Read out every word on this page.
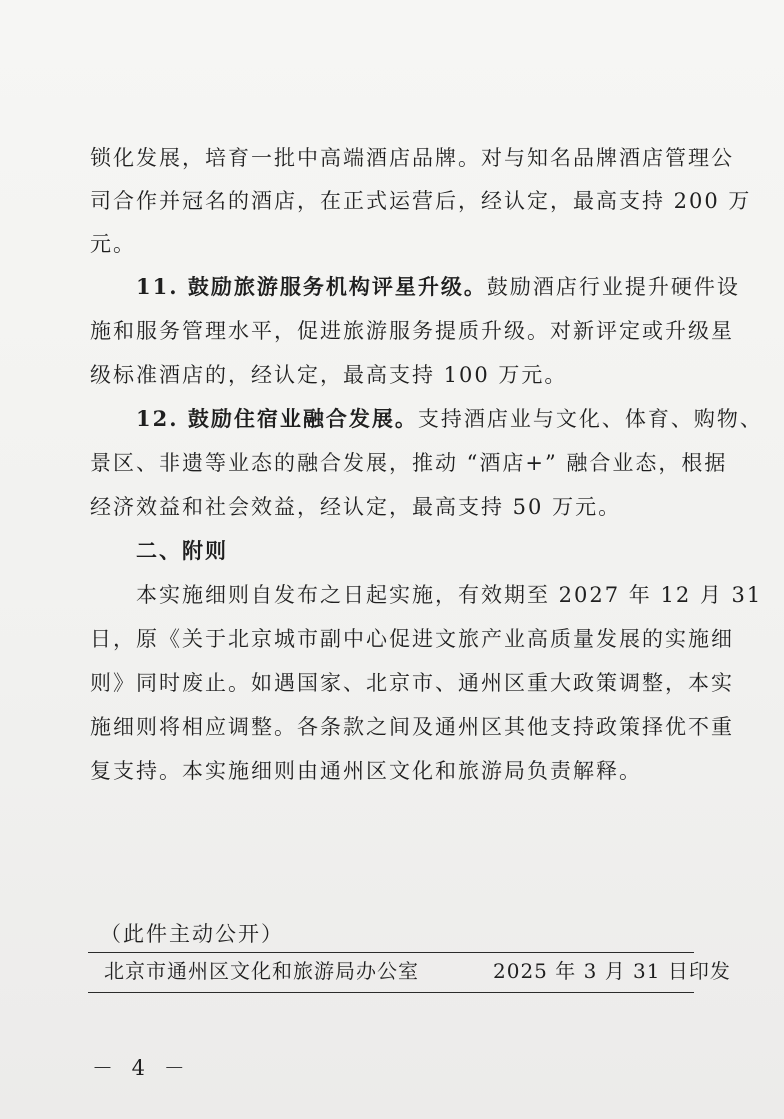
锁化发展，培育一批中高端酒店品牌。对与知名品牌酒店管理公
司合作并冠名的酒店，在正式运营后，经认定，最高支持 200 万
元。
11. 鼓励旅游服务机构评星升级。鼓励酒店行业提升硬件设
施和服务管理水平，促进旅游服务提质升级。对新评定或升级星
级标准酒店的，经认定，最高支持 100 万元。
12. 鼓励住宿业融合发展。支持酒店业与文化、体育、购物、
景区、非遗等业态的融合发展，推动 “酒店+” 融合业态，根据
经济效益和社会效益，经认定，最高支持 50 万元。
二、附则
本实施细则自发布之日起实施，有效期至 2027 年 12 月 31
日，原《关于北京城市副中心促进文旅产业高质量发展的实施细
则》同时废止。如遇国家、北京市、通州区重大政策调整，本实
施细则将相应调整。各条款之间及通州区其他支持政策择优不重
复支持。本实施细则由通州区文化和旅游局负责解释。
（此件主动公开）
北京市通州区文化和旅游局办公室	2025 年 3 月 31 日印发
－ 4 －
